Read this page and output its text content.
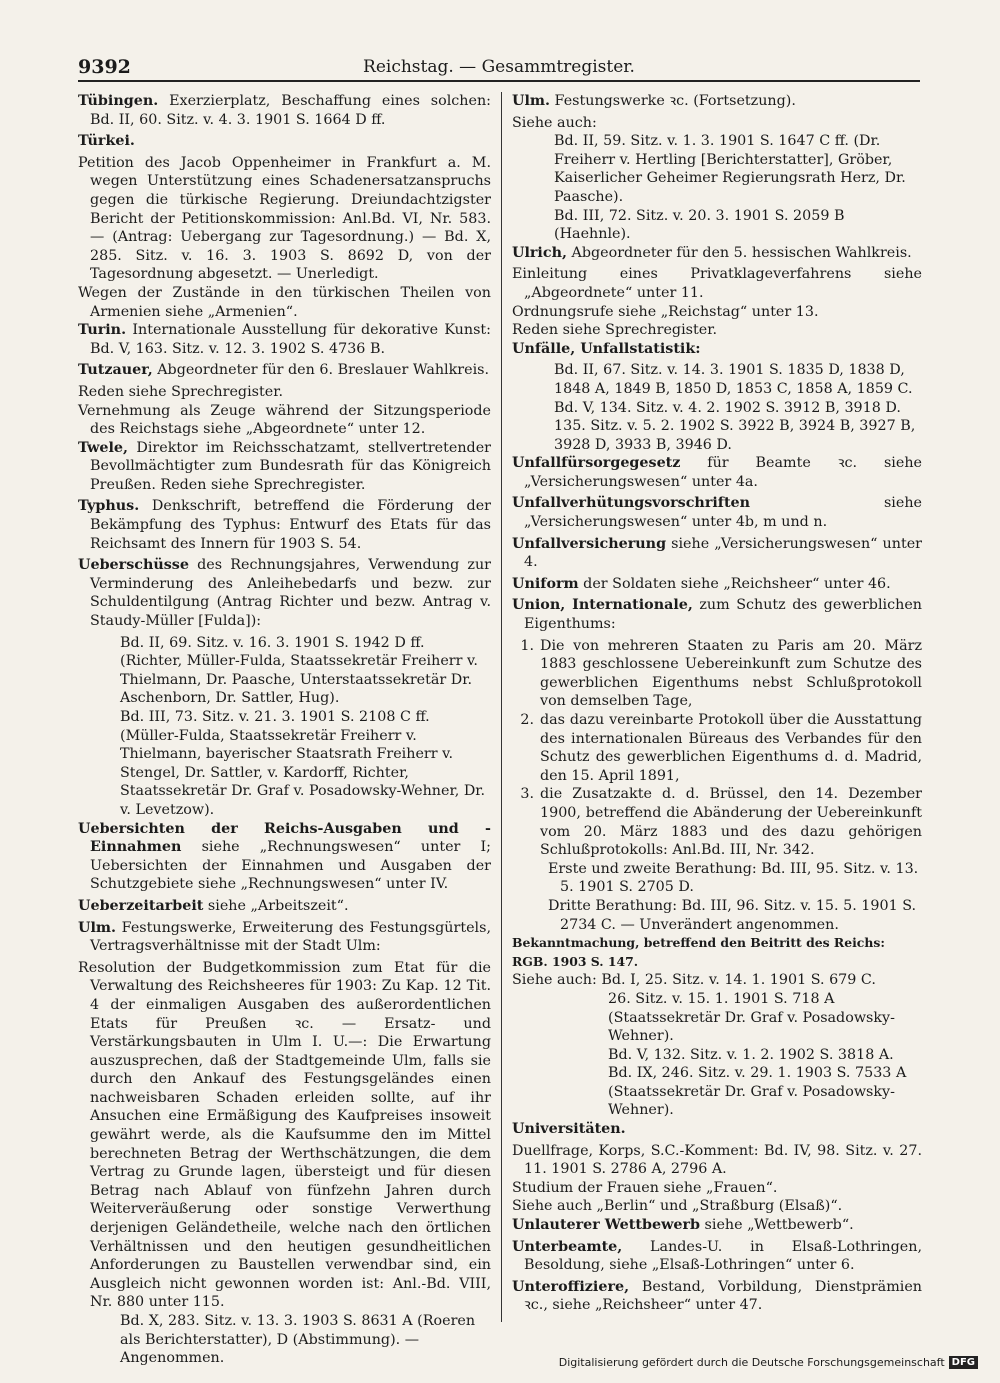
9392	Reichstag. — Gesammtregister.
Tübingen. Exerzierplatz, Beschaffung eines solchen: Bd. II, 60. Sitz. v. 4. 3. 1901 S. 1664 D ff.
Türkei.
Petition des Jacob Oppenheimer in Frankfurt a. M. wegen Unterstützung eines Schadenersatzanspruchs gegen die türkische Regierung. Dreiundachtzigster Bericht der Petitionskommission: Anl.Bd. VI, Nr. 583. — (Antrag: Uebergang zur Tagesordnung.) — Bd. X, 285. Sitz. v. 16. 3. 1903 S. 8692 D, von der Tagesordnung abgesetzt. — Unerledigt.
Wegen der Zustände in den türkischen Theilen von Armenien siehe „Armenien“.
Turin. Internationale Ausstellung für dekorative Kunst: Bd. V, 163. Sitz. v. 12. 3. 1902 S. 4736 B.
Tutzauer, Abgeordneter für den 6. Breslauer Wahlkreis.
Reden siehe Sprechregister.
Vernehmung als Zeuge während der Sitzungsperiode des Reichstags siehe „Abgeordnete“ unter 12.
Twele, Direktor im Reichsschatzamt, stellvertretender Bevollmächtigter zum Bundesrath für das Königreich Preußen. Reden siehe Sprechregister.
Typhus. Denkschrift, betreffend die Förderung der Bekämpfung des Typhus: Entwurf des Etats für das Reichsamt des Innern für 1903 S. 54.
Ueberschüsse des Rechnungsjahres, Verwendung zur Verminderung des Anleihebedarfs und bezw. zur Schuldentilgung (Antrag Richter und bezw. Antrag v. Staudy-Müller [Fulda]):
Bd. II, 69. Sitz. v. 16. 3. 1901 S. 1942 D ff. (Richter, Müller-Fulda, Staatssekretär Freiherr v. Thielmann, Dr. Paasche, Unterstaatssekretär Dr. Aschenborn, Dr. Sattler, Hug).
Bd. III, 73. Sitz. v. 21. 3. 1901 S. 2108 C ff. (Müller-Fulda, Staatssekretär Freiherr v. Thielmann, bayerischer Staatsrath Freiherr v. Stengel, Dr. Sattler, v. Kardorff, Richter, Staatssekretär Dr. Graf v. Posadowsky-Wehner, Dr. v. Levetzow).
Uebersichten der Reichs-Ausgaben und -Einnahmen siehe „Rechnungswesen“ unter I; Uebersichten der Einnahmen und Ausgaben der Schutzgebiete siehe „Rechnungswesen“ unter IV.
Ueberzeitarbeit siehe „Arbeitszeit“.
Ulm. Festungswerke, Erweiterung des Festungsgürtels, Vertragsverhältnisse mit der Stadt Ulm:
Resolution der Budgetkommission zum Etat für die Verwaltung des Reichsheeres für 1903: Zu Kap. 12 Tit. 4 der einmaligen Ausgaben des außerordentlichen Etats für Preußen ꝛc. — Ersatz- und Verstärkungsbauten in Ulm I. U.—: Die Erwartung auszusprechen, daß der Stadtgemeinde Ulm, falls sie durch den Ankauf des Festungsgeländes einen nachweisbaren Schaden erleiden sollte, auf ihr Ansuchen eine Ermäßigung des Kaufpreises insoweit gewährt werde, als die Kaufsumme den im Mittel berechneten Betrag der Werthschätzungen, die dem Vertrag zu Grunde lagen, übersteigt und für diesen Betrag nach Ablauf von fünfzehn Jahren durch Weiterveräußerung oder sonstige Verwerthung derjenigen Geländetheile, welche nach den örtlichen Verhältnissen und den heutigen gesundheitlichen Anforderungen zu Baustellen verwendbar sind, ein Ausgleich nicht gewonnen worden ist: Anl.-Bd. VIII, Nr. 880 unter 115.
Bd. X, 283. Sitz. v. 13. 3. 1903 S. 8631 A (Roeren als Berichterstatter), D (Abstimmung). — Angenommen.
Ulm. Festungswerke ꝛc. (Fortsetzung).
Siehe auch:
Bd. II, 59. Sitz. v. 1. 3. 1901 S. 1647 C ff. (Dr. Freiherr v. Hertling [Berichterstatter], Gröber, Kaiserlicher Geheimer Regierungsrath Herz, Dr. Paasche).
Bd. III, 72. Sitz. v. 20. 3. 1901 S. 2059 B (Haehnle).
Ulrich, Abgeordneter für den 5. hessischen Wahlkreis.
Einleitung eines Privatklageverfahrens siehe „Abgeordnete“ unter 11.
Ordnungsrufe siehe „Reichstag“ unter 13.
Reden siehe Sprechregister.
Unfälle, Unfallstatistik:
Bd. II, 67. Sitz. v. 14. 3. 1901 S. 1835 D, 1838 D, 1848 A, 1849 B, 1850 D, 1853 C, 1858 A, 1859 C.
Bd. V, 134. Sitz. v. 4. 2. 1902 S. 3912 B, 3918 D. 135. Sitz. v. 5. 2. 1902 S. 3922 B, 3924 B, 3927 B, 3928 D, 3933 B, 3946 D.
Unfallfürsorgegesetz für Beamte ꝛc. siehe „Versicherungswesen“ unter 4a.
Unfallverhütungsvorschriften siehe „Versicherungswesen“ unter 4b, m und n.
Unfallversicherung siehe „Versicherungswesen“ unter 4.
Uniform der Soldaten siehe „Reichsheer“ unter 46.
Union, Internationale, zum Schutz des gewerblichen Eigenthums:
1. Die von mehreren Staaten zu Paris am 20. März 1883 geschlossene Uebereinkunft zum Schutze des gewerblichen Eigenthums nebst Schlußprotokoll von demselben Tage,
2. das dazu vereinbarte Protokoll über die Ausstattung des internationalen Büreaus des Verbandes für den Schutz des gewerblichen Eigenthums d. d. Madrid, den 15. April 1891,
3. die Zusatzakte d. d. Brüssel, den 14. Dezember 1900, betreffend die Abänderung der Uebereinkunft vom 20. März 1883 und des dazu gehörigen Schlußprotokolls: Anl.Bd. III, Nr. 342.
Erste und zweite Berathung: Bd. III, 95. Sitz. v. 13. 5. 1901 S. 2705 D.
Dritte Berathung: Bd. III, 96. Sitz. v. 15. 5. 1901 S. 2734 C. — Unverändert angenommen.
Bekanntmachung, betreffend den Beitritt des Reichs: RGB. 1903 S. 147.
Siehe auch: Bd. I, 25. Sitz. v. 14. 1. 1901 S. 679 C.
26. Sitz. v. 15. 1. 1901 S. 718 A (Staatssekretär Dr. Graf v. Posadowsky-Wehner).
Bd. V, 132. Sitz. v. 1. 2. 1902 S. 3818 A.
Bd. IX, 246. Sitz. v. 29. 1. 1903 S. 7533 A (Staatssekretär Dr. Graf v. Posadowsky-Wehner).
Universitäten.
Duellfrage, Korps, S.C.-Komment: Bd. IV, 98. Sitz. v. 27. 11. 1901 S. 2786 A, 2796 A.
Studium der Frauen siehe „Frauen“.
Siehe auch „Berlin“ und „Straßburg (Elsaß)“.
Unlauterer Wettbewerb siehe „Wettbewerb“.
Unterbeamte, Landes-U. in Elsaß-Lothringen, Besoldung, siehe „Elsaß-Lothringen“ unter 6.
Unteroffiziere, Bestand, Vorbildung, Dienstprämien ꝛc., siehe „Reichsheer“ unter 47.
Digitalisierung gefördert durch die Deutsche Forschungsgemeinschaft DFG
